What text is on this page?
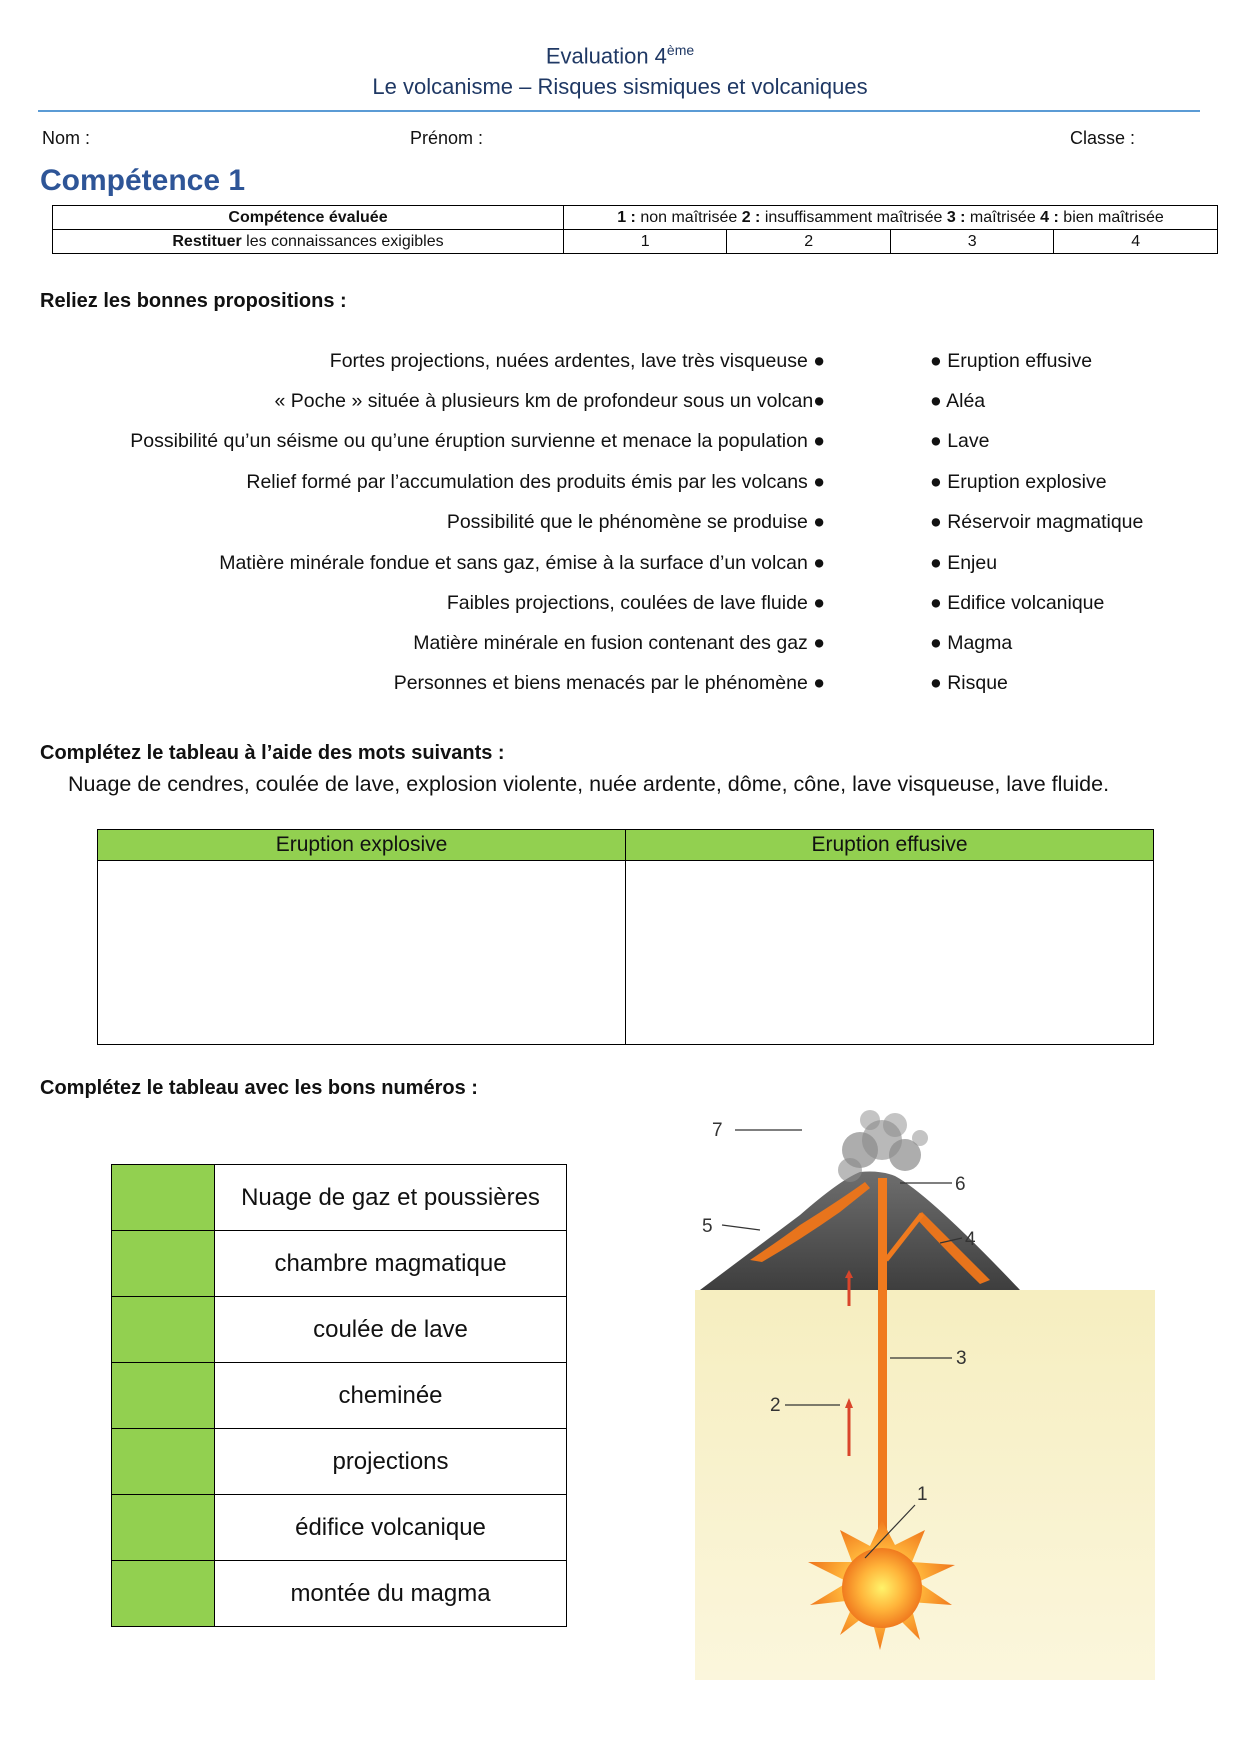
Evaluation 4ème
Le volcanisme – Risques sismiques et volcaniques
Nom :	Prénom :	Classe :
Compétence 1
Compétence évaluée	1 : non maîtrisée 2 : insuffisamment maîtrisée 3 : maîtrisée 4 : bien maîtrisée			
Restituer les connaissances exigibles	1	2	3	4
Reliez les bonnes propositions :
Fortes projections, nuées ardentes, lave très visqueuse ●
« Poche » située à plusieurs km de profondeur sous un volcan●
Possibilité qu’un séisme ou qu’une éruption survienne et menace la population ●
Relief formé par l’accumulation des produits émis par les volcans ●
Possibilité que le phénomène se produise ●
Matière minérale fondue et sans gaz, émise à la surface d’un volcan ●
Faibles projections, coulées de lave fluide ●
Matière minérale en fusion contenant des gaz ●
Personnes et biens menacés par le phénomène ●
● Eruption effusive
● Aléa
● Lave
● Eruption explosive
● Réservoir magmatique
● Enjeu
● Edifice volcanique
● Magma
● Risque
Complétez le tableau à l’aide des mots suivants :
Nuage de cendres, coulée de lave, explosion violente, nuée ardente, dôme, cône, lave visqueuse, lave fluide.
Eruption explosive	Eruption effusive

Complétez le tableau avec les bons numéros :
	Nuage de gaz et poussières
	chambre magmatique
	coulée de lave
	cheminée
	projections
	édifice volcanique
	montée du magma
7
6
5
4
3
2
1
